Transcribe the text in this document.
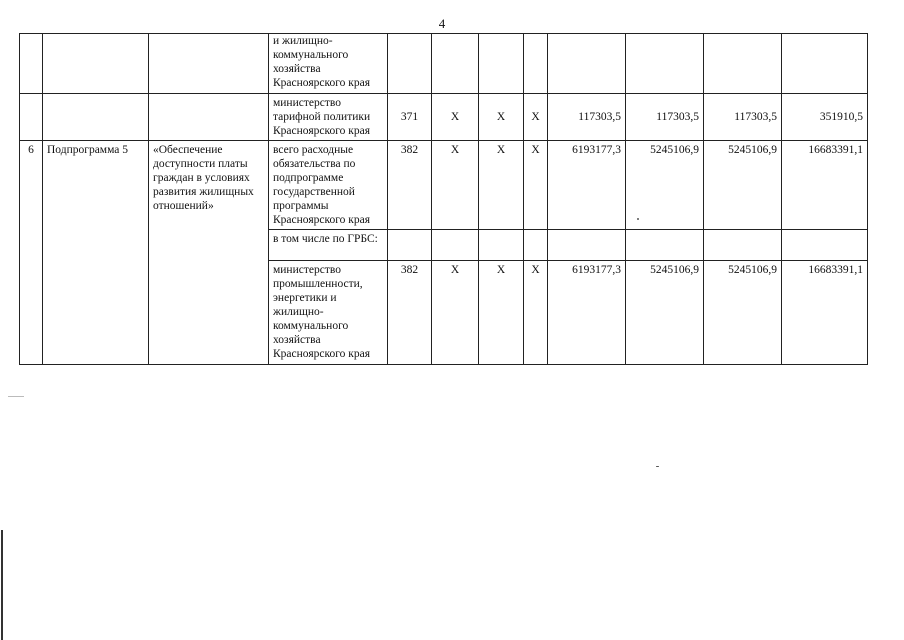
4
			и жилищно-коммунального хозяйства Красноярского края								
			министерство тарифной политики Красноярского края	371	Х	Х	Х	117303,5	117303,5	117303,5	351910,5
6	Подпрограмма 5	«Обеспечение доступности платы граждан в условиях развития жилищных отношений»	всего расходные обязательства по подпрограмме государственной программы Красноярского края	382	Х	Х	Х	6193177,3	5245106,9	5245106,9	16683391,1
			в том числе по ГРБС:								
			министерство промышленности, энергетики и жилищно-коммунального хозяйства Красноярского края	382	Х	Х	Х	6193177,3	5245106,9	5245106,9	16683391,1
